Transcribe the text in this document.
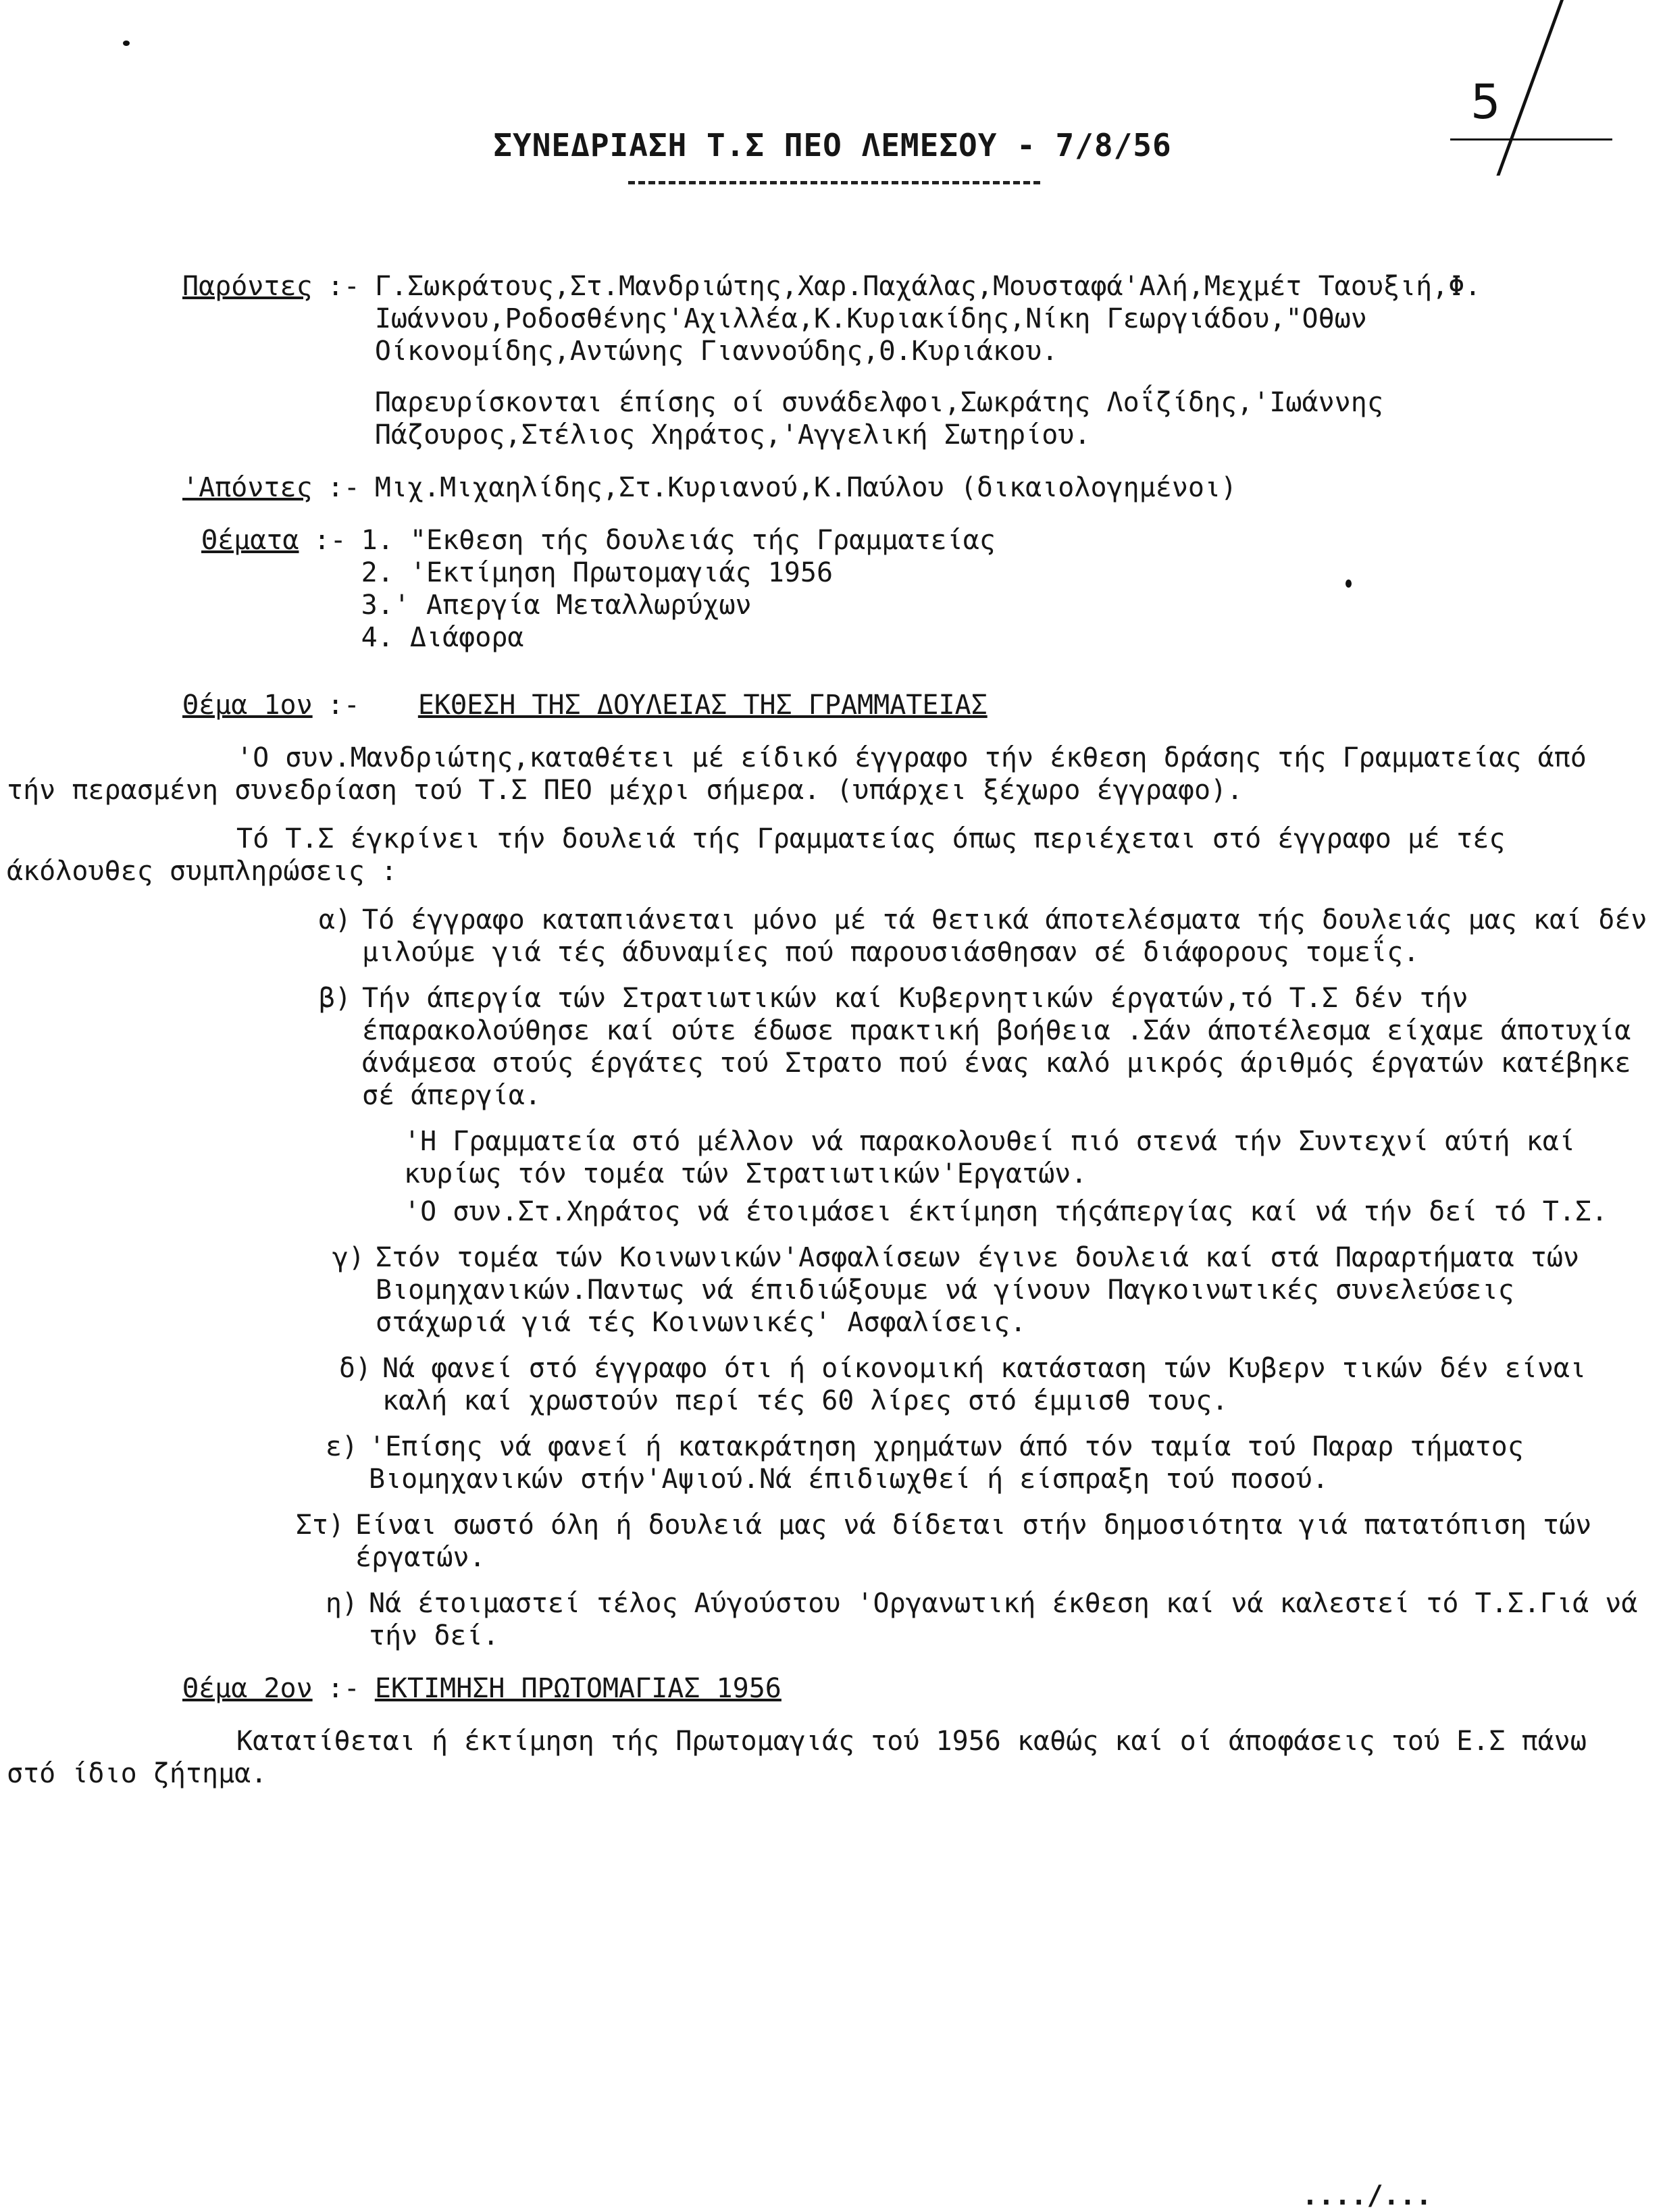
5
ΣΥΝΕΔΡΙΑΣΗ Τ.Σ ΠΕΟ ΛΕΜΕΣΟΥ - 7/8/56
Παρόντες :- Γ.Σωκράτους,Στ.Μανδριώτης,Χαρ.Παχάλας,Μουσταφά'Αλή,Μεχμέτ Ταουξιή,Φ. Ιωάννου,Ροδοσθένης'Αχιλλέα,Κ.Κυριακίδης,Νίκη Γεωργιάδου,"Οθων Οίκονομίδης,Αντώνης Γιαννούδης,Θ.Κυριάκου.
Παρευρίσκονται έπίσης οί συνάδελφοι,Σωκράτης Λοΐζίδης,'Ιωάννης Πάζουρος,Στέλιος Χηράτος,'Αγγελική Σωτηρίου.
'Απόντες :- Μιχ.Μιχαηλίδης,Στ.Κυριανού,Κ.Παύλου (δικαιολογημένοι)
Θέματα :- 1. "Εκθεση τής δουλειάς τής Γραμματείας
2. 'Εκτίμηση Πρωτομαγιάς 1956
3.' Απεργία Μεταλλωρύχων
4. Διάφορα
Θέμα 1ον :- ΕΚΘΕΣΗ ΤΗΣ ΔΟΥΛΕΙΑΣ ΤΗΣ ΓΡΑΜΜΑΤΕΙΑΣ

'Ο συν.Μανδριώτης,καταθέτει μέ είδικό έγγραφο τήν έκθεση δράσης τής Γραμματείας άπό τήν περασμένη συνεδρίαση τού Τ.Σ ΠΕΟ μέχρι σήμερα. (υπάρχει ξέχωρο έγγραφο).

Τό Τ.Σ έγκρίνει τήν δουλειά τής Γραμματείας όπως περιέχεται στό έγγραφο μέ τές άκόλουθες συμπληρώσεις :

α) Τό έγγραφο καταπιάνεται μόνο μέ τά θετικά άποτελέσματα τής δουλειάς μας καί δέν μιλούμε γιά τές άδυναμίες πού παρουσιάσθησαν σέ διάφορους τομεΐς.
β) Τήν άπεργία τών Στρατιωτικών καί Κυβερνητικών έργατών,τό Τ.Σ δέν τήν έπαρακολούθησε καί ούτε έδωσε πρακτική βοήθεια .Σάν άποτέλεσμα είχαμε άποτυχία άνάμεσα στούς έργάτες τού Στρατο πού ένας καλό μικρός άριθμός έργατών κατέβηκε σέ άπεργία.

'Η Γραμματεία στό μέλλον νά παρακολουθεί πιό στενά τήν Συντεχνί αύτή καί κυρίως τόν τομέα τών Στρατιωτικών'Εργατών.

'Ο συν.Στ.Χηράτος νά έτοιμάσει έκτίμηση τήςάπεργίας καί νά τήν δεί τό Τ.Σ.

γ) Στόν τομέα τών Κοινωνικών'Ασφαλίσεων έγινε δουλειά καί στά Παραρτήματα τών Βιομηχανικών.Παντως νά έπιδιώξουμε νά γίνουν Παγκοινωτικές συνελεύσεις στάχωριά γιά τές Κοινωνικές' Ασφαλίσεις.
δ) Νά φανεί στό έγγραφο ότι ή οίκονομική κατάσταση τών Κυβερν τικών δέν είναι καλή καί χρωστούν περί τές 60 λίρες στό έμμισθ τους.
ε) 'Επίσης νά φανεί ή κατακράτηση χρημάτων άπό τόν ταμία τού Παραρ τήματος Βιομηχανικών στήν'Αψιού.Νά έπιδιωχθεί ή είσπραξη τού ποσού.
Στ) Είναι σωστό όλη ή δουλειά μας νά δίδεται στήν δημοσιότητα γιά πατατόπιση τών έργατών.
η) Νά έτοιμαστεί τέλος Αύγούστου 'Οργανωτική έκθεση καί νά καλεστεί τό Τ.Σ.Γιά νά τήν δεί.
Θέμα 2ον :- ΕΚΤΙΜΗΣΗ ΠΡΩΤΟΜΑΓΙΑΣ 1956

Κατατίθεται ή έκτίμηση τής Πρωτομαγιάς τού 1956 καθώς καί οί άποφάσεις τού Ε.Σ πάνω στό ίδιο ζήτημα.

..../...
